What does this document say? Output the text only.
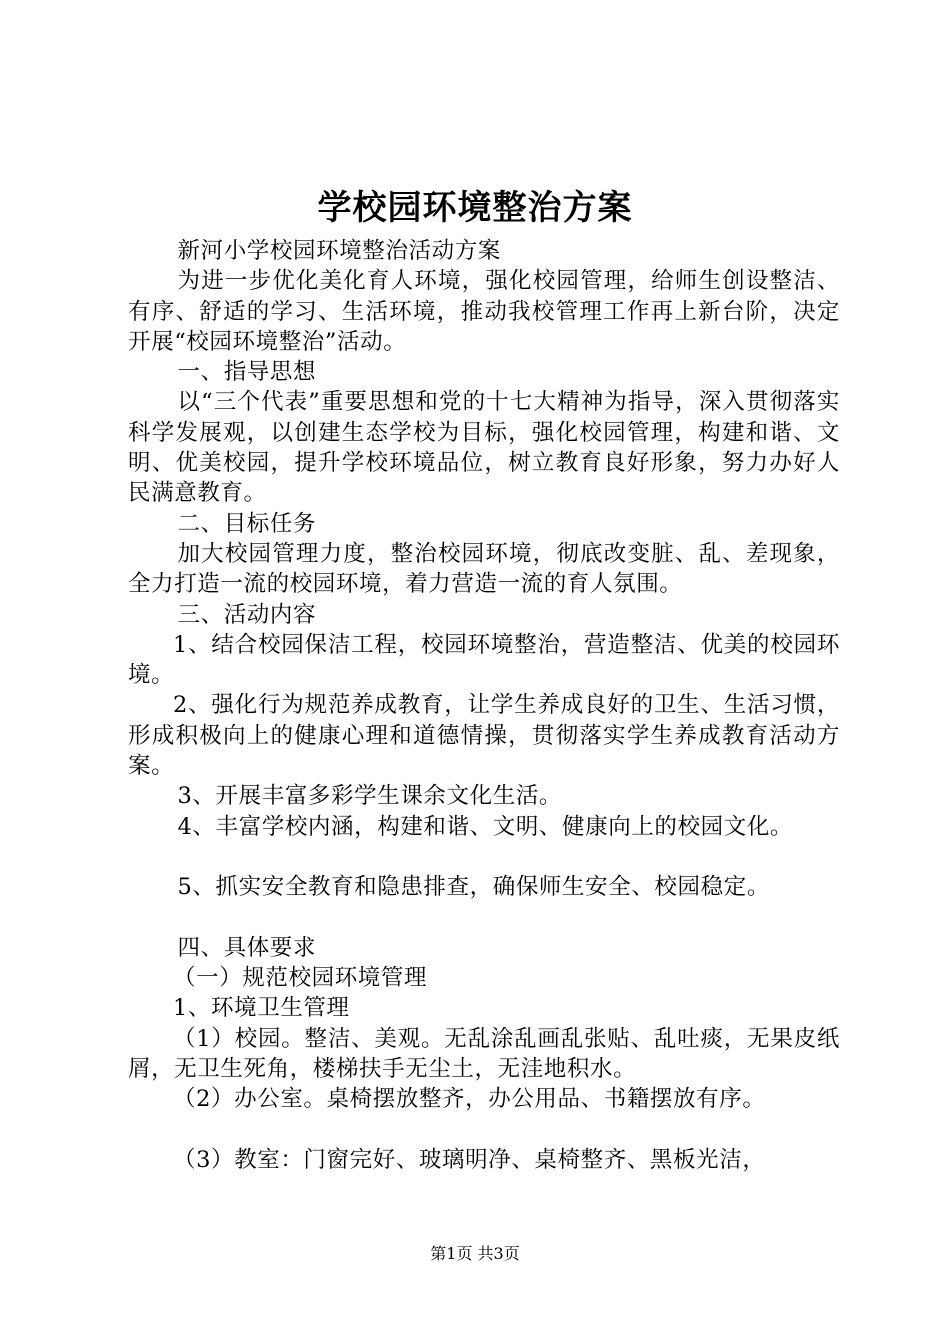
学校园环境整治方案

新河小学校园环境整治活动方案

为进一步优化美化育人环境，强化校园管理，给师生创设整洁、有序、舒适的学习、生活环境，推动我校管理工作再上新台阶，决定开展“校园环境整治”活动。

一、指导思想

以“三个代表”重要思想和党的十七大精神为指导，深入贯彻落实科学发展观，以创建生态学校为目标，强化校园管理，构建和谐、文明、优美校园，提升学校环境品位，树立教育良好形象，努力办好人民满意教育。

二、目标任务

加大校园管理力度，整治校园环境，彻底改变脏、乱、差现象，全力打造一流的校园环境，着力营造一流的育人氛围。

三、活动内容

1、结合校园保洁工程，校园环境整治，营造整洁、优美的校园环境。

2、强化行为规范养成教育，让学生养成良好的卫生、生活习惯，形成积极向上的健康心理和道德情操，贯彻落实学生养成教育活动方案。

3、开展丰富多彩学生课余文化生活。

4、丰富学校内涵，构建和谐、文明、健康向上的校园文化。

5、抓实安全教育和隐患排查，确保师生安全、校园稳定。

四、具体要求

（一）规范校园环境管理

1、环境卫生管理

（1）校园。整洁、美观。无乱涂乱画乱张贴、乱吐痰，无果皮纸屑，无卫生死角，楼梯扶手无尘土，无洼地积水。

（2）办公室。桌椅摆放整齐，办公用品、书籍摆放有序。

（3）教室：门窗完好、玻璃明净、桌椅整齐、黑板光洁，

第1页 共3页
